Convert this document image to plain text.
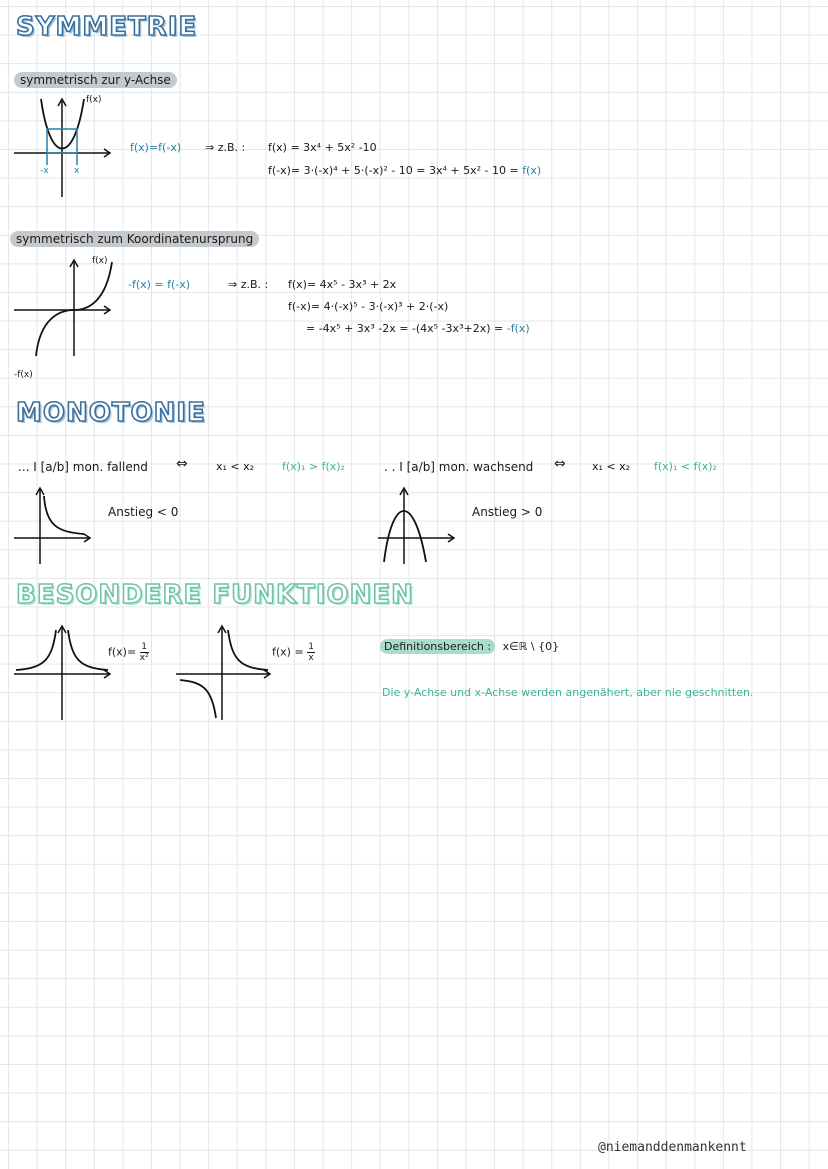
SYMMETRIE
symmetrisch zur y-Achse
f(x)
-x	x
f(x)=f(-x) ⇒ z.B. : f(x) = 3x⁴ + 5x² -10
f(-x)= 3·(-x)⁴ + 5·(-x)² - 10 = 3x⁴ + 5x² - 10 = f(x)
symmetrisch zum Koordinatenursprung
f(x)
-f(x)
-f(x) = f(-x)	⇒ z.B. : f(x)= 4x⁵ - 3x³ + 2x
f(-x)= 4·(-x)⁵ - 3·(-x)³ + 2·(-x)
= -4x⁵ + 3x³ -2x = -(4x⁵ -3x³+2x) = -f(x)
MONOTONIE
... I [a/b] mon. fallend ⇔	x₁ < x₂	f(x)₁ > f(x)₂	. . I [a/b] mon. wachsend ⇔ x₁ < x₂ f(x)₁ < f(x)₂
Anstieg < 0	Anstieg > 0
BESONDERE FUNKTIONEN
$f(x)= \frac{1}{\text{x²}}$	$f(x) = \frac{1}{x}$	Definitionsbereich : x∈ℝ \ {0}
Die y-Achse und x-Achse werden angenähert, aber nie geschnitten.
@niemanddenmankennt
